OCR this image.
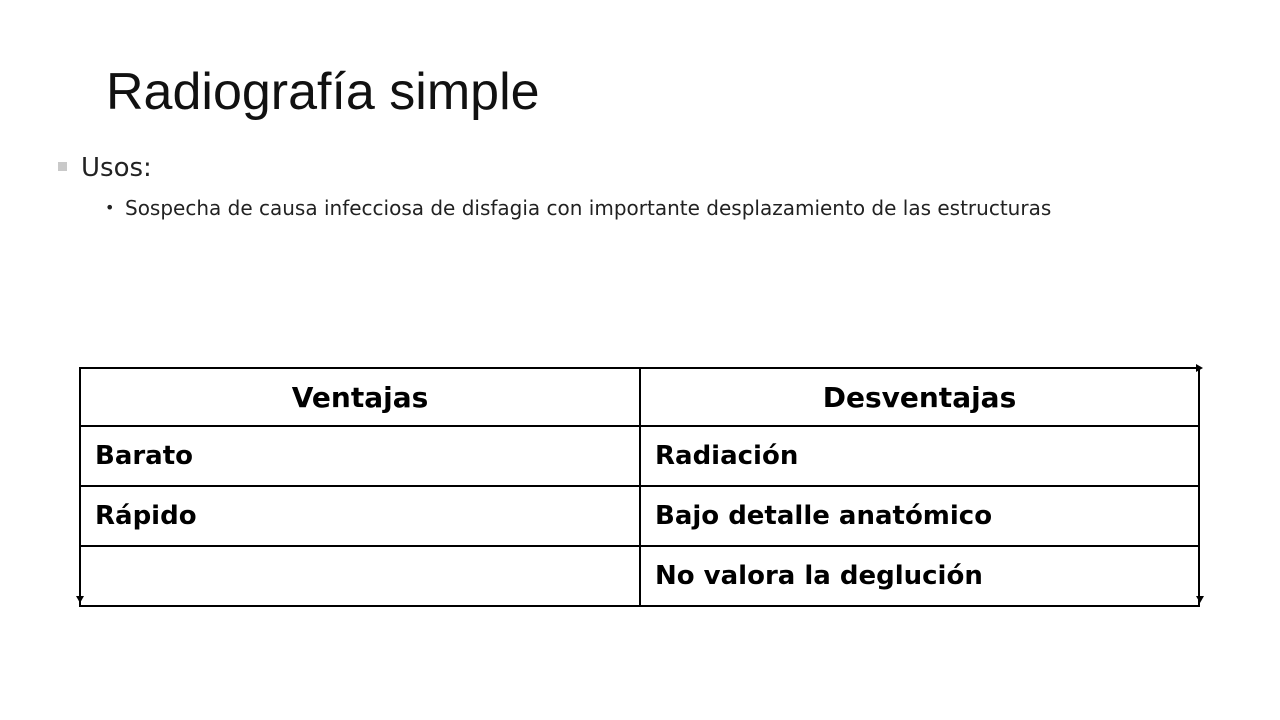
Radiografía simple
Usos:
• Sospecha de causa infecciosa de disfagia con importante desplazamiento de las estructuras
Ventajas	Desventajas
Barato	Radiación
Rápido	Bajo detalle anatómico
	No valora la deglución
